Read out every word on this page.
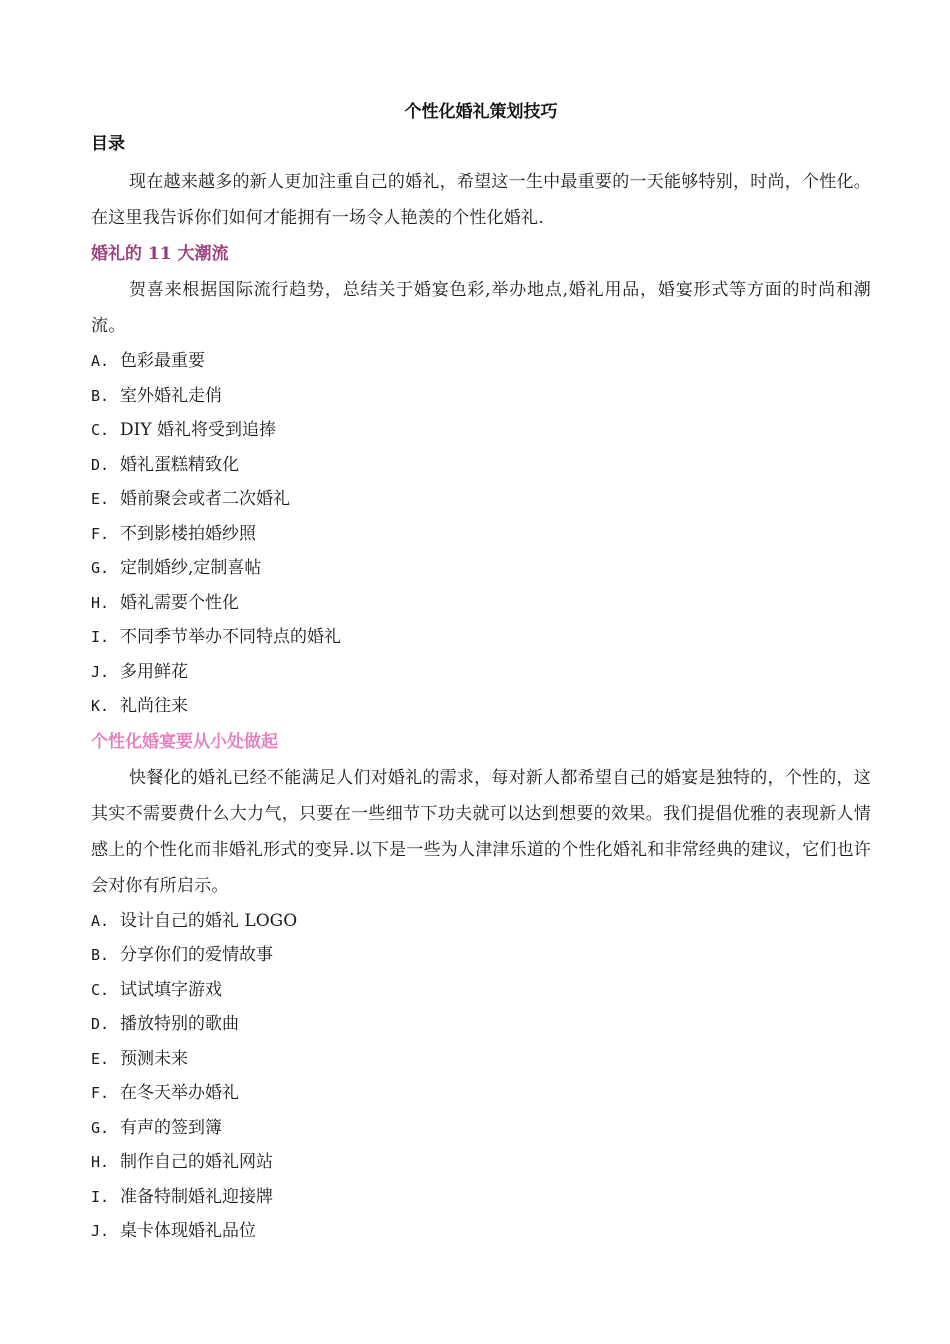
个性化婚礼策划技巧
目录

现在越来越多的新人更加注重自己的婚礼，希望这一生中最重要的一天能够特别，时尚，个性化。在这里我告诉你们如何才能拥有一场令人艳羡的个性化婚礼.

婚礼的 11 大潮流

贺喜来根据国际流行趋势，总结关于婚宴色彩,举办地点,婚礼用品，婚宴形式等方面的时尚和潮流。

A. 色彩最重要
B. 室外婚礼走俏
C. DIY 婚礼将受到追捧
D. 婚礼蛋糕精致化
E. 婚前聚会或者二次婚礼
F. 不到影楼拍婚纱照
G. 定制婚纱,定制喜帖
H. 婚礼需要个性化
I. 不同季节举办不同特点的婚礼
J. 多用鲜花
K. 礼尚往来
个性化婚宴要从小处做起

快餐化的婚礼已经不能满足人们对婚礼的需求，每对新人都希望自己的婚宴是独特的，个性的，这其实不需要费什么大力气，只要在一些细节下功夫就可以达到想要的效果。我们提倡优雅的表现新人情感上的个性化而非婚礼形式的变异.以下是一些为人津津乐道的个性化婚礼和非常经典的建议，它们也许会对你有所启示。

A. 设计自己的婚礼 LOGO
B. 分享你们的爱情故事
C. 试试填字游戏
D. 播放特别的歌曲
E. 预测未来
F. 在冬天举办婚礼
G. 有声的签到簿
H. 制作自己的婚礼网站
I. 准备特制婚礼迎接牌
J. 桌卡体现婚礼品位
